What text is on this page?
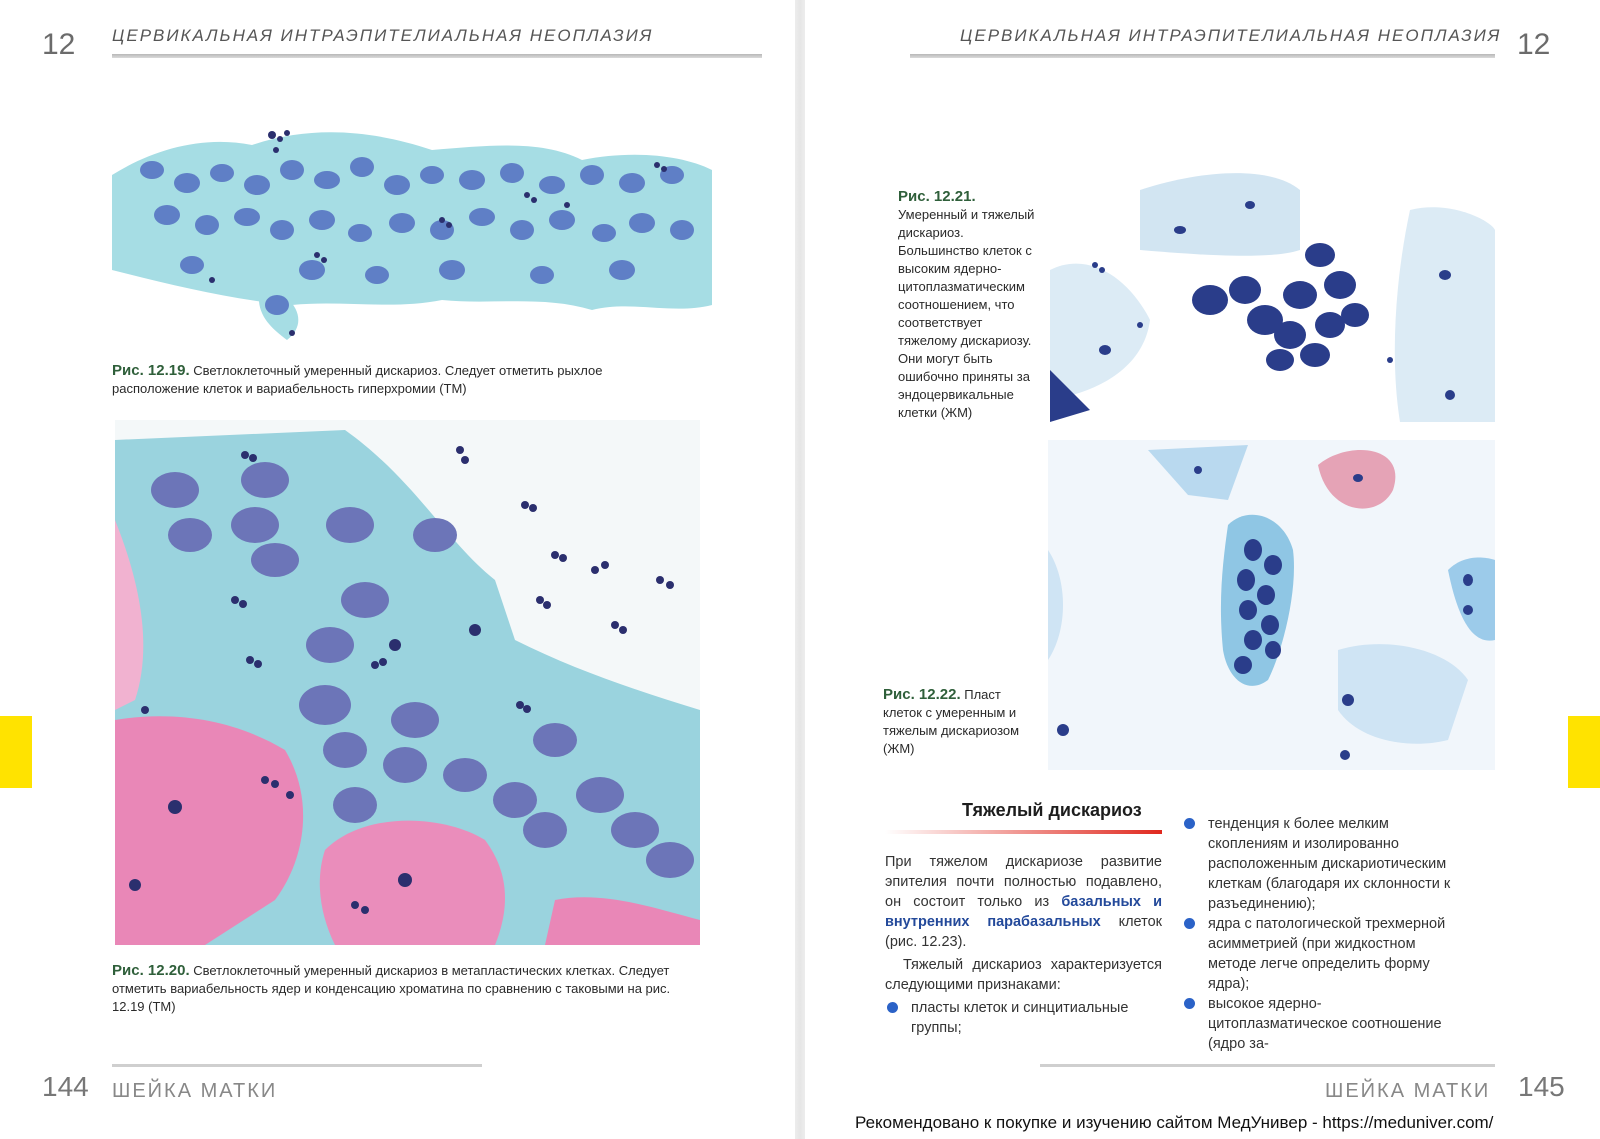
12 ЦЕРВИКАЛЬНАЯ ИНТРАЭПИТЕЛИАЛЬНАЯ НЕОПЛАЗИЯ
Рис. 12.19. Светлоклеточный умеренный дискариоз. Следует отметить рыхлое расположение клеток и вариабельность гиперхромии (ТМ)
Рис. 12.20. Светлоклеточный умеренный дискариоз в метапластических клетках. Следует отметить вариабельность ядер и конденсацию хроматина по сравнению с таковыми на рис. 12.19 (ТМ)
144 ШЕЙКА МАТКИ
ЦЕРВИКАЛЬНАЯ ИНТРАЭПИТЕЛИАЛЬНАЯ НЕОПЛАЗИЯ 12
Рис. 12.21. Умеренный и тяжелый дискариоз. Большинство клеток с высоким ядерно-цитоплазматическим соотношением, что соответствует тяжелому дискариозу. Они могут быть ошибочно приняты за эндоцервикальные клетки (ЖМ)
Рис. 12.22. Пласт клеток с умеренным и тяжелым дискариозом (ЖМ)
Тяжелый дискариоз
При тяжелом дискариозе развитие эпителия почти полностью подавлено, он состоит только из базальных и внутренних парабазальных клеток (рис. 12.23).
Тяжелый дискариоз характеризуется следующими признаками:
пласты клеток и синцитиальные группы;
тенденция к более мелким скоплениям и изолированно расположенным дискариотическим клеткам (благодаря их склонности к разъединению);
ядра с патологической трехмерной асимметрией (при жидкостном методе легче определить форму ядра);
высокое ядерно-цитоплазматическое соотношение (ядро за-
ШЕЙКА МАТКИ 145
Рекомендовано к покупке и изучению сайтом МедУнивер - https://meduniver.com/
